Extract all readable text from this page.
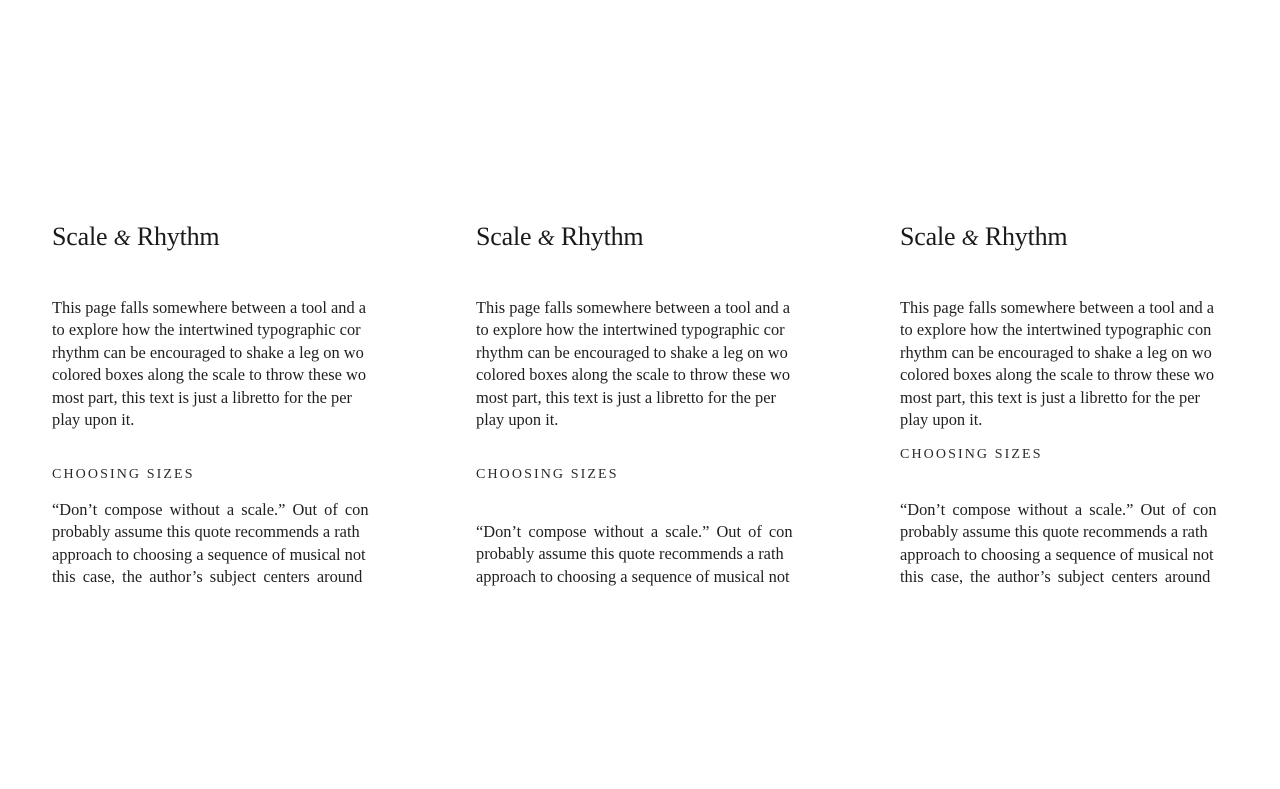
Scale & Rhythm

This page falls somewhere between a tool and a
to explore how the intertwined typographic cor
rhythm can be encouraged to shake a leg on wo
colored boxes along the scale to throw these wo
most part, this text is just a libretto for the per
play upon it.

CHOOSING SIZES

“Don’t compose without a scale.” Out of con
probably assume this quote recommends a rath
approach to choosing a sequence of musical not
this case, the author’s subject centers around

Scale & Rhythm

This page falls somewhere between a tool and a
to explore how the intertwined typographic cor
rhythm can be encouraged to shake a leg on wo
colored boxes along the scale to throw these wo
most part, this text is just a libretto for the per
play upon it.

CHOOSING SIZES

“Don’t compose without a scale.” Out of con
probably assume this quote recommends a rath
approach to choosing a sequence of musical not

Scale & Rhythm

This page falls somewhere between a tool and a
to explore how the intertwined typographic con
rhythm can be encouraged to shake a leg on wo
colored boxes along the scale to throw these wo
most part, this text is just a libretto for the per
play upon it.

CHOOSING SIZES

“Don’t compose without a scale.” Out of con
probably assume this quote recommends a rath
approach to choosing a sequence of musical not
this case, the author’s subject centers around
